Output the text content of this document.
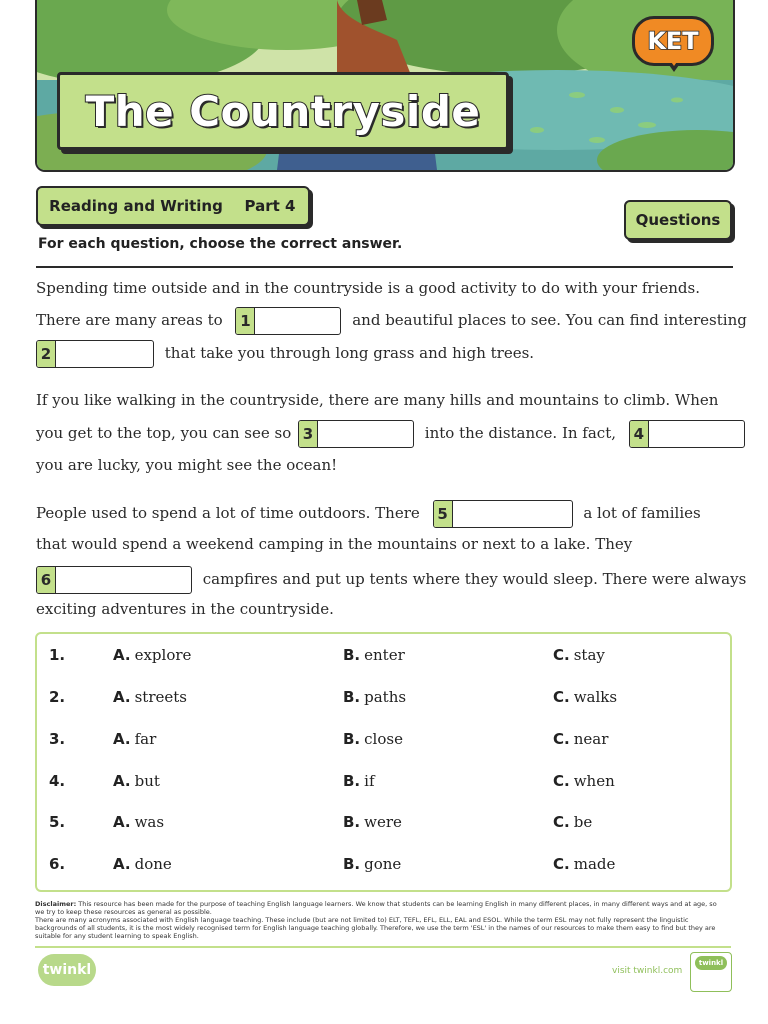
The Countryside
KET
Reading and Writing	Part 4
Questions
For each question, choose the correct answer.
Spending time outside and in the countryside is a good activity to do with your friends.
There are many areas to 1	and beautiful places to see. You can find interesting
2	that take you through long grass and high trees.
If you like walking in the countryside, there are many hills and mountains to climb. When
you get to the top, you can see so 3	into the distance. In fact, 4
you are lucky, you might see the ocean!
People used to spend a lot of time outdoors. There 5	a lot of families
that would spend a weekend camping in the mountains or next to a lake. They
6	campfires and put up tents where they would sleep. There were always
exciting adventures in the countryside.
1.	A. explore	B. enter	C. stay
2.	A. streets	B. paths	C. walks
3.	A. far	B. close	C. near
4.	A. but	B. if	C. when
5.	A. was	B. were	C. be
6.	A. done	B. gone	C. made
Disclaimer: This resource has been made for the purpose of teaching English language learners. We know that students can be learning English in many different places, in many different ways and at age, so we try to keep these resources as general as possible.
There are many acronyms associated with English language teaching. These include (but are not limited to) ELT, TEFL, EFL, ELL, EAL and ESOL. While the term ESL may not fully represent the linguistic backgrounds of all students, it is the most widely recognised term for English language teaching globally. Therefore, we use the term 'ESL' in the names of our resources to make them easy to find but they are suitable for any student learning to speak English.
twinkl	visit twinkl.com
twinkl
